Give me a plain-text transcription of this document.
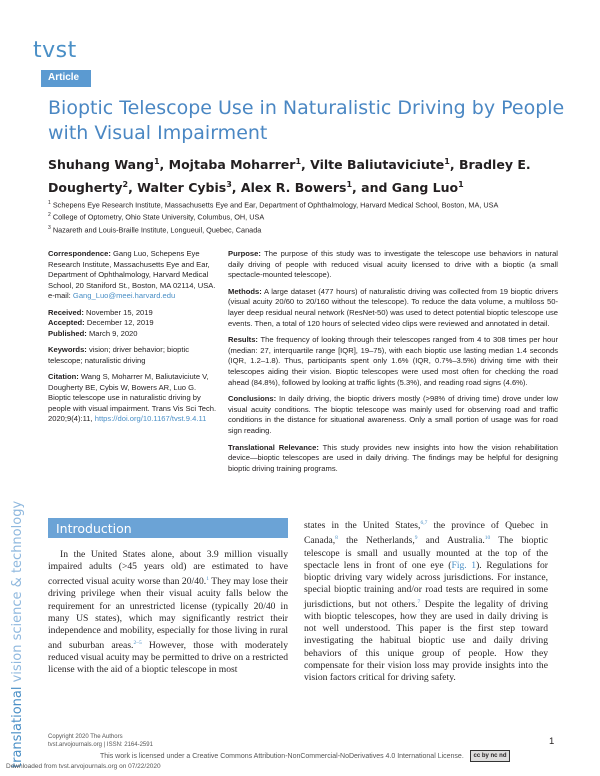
tvst
Article
Bioptic Telescope Use in Naturalistic Driving by People with Visual Impairment
Shuhang Wang$^1$, Mojtaba Moharrer$^1$, Vilte Baliutaviciute$^1$, Bradley E. Dougherty$^2$, Walter Cybis$^3$, Alex R. Bowers$^1$, and Gang Luo$^1$
$^1$ Schepens Eye Research Institute, Massachusetts Eye and Ear, Department of Ophthalmology, Harvard Medical School, Boston, MA, USA
$^2$ College of Optometry, Ohio State University, Columbus, OH, USA
$^3$ Nazareth and Louis-Braille Institute, Longueuil, Quebec, Canada
Correspondence: Gang Luo, Schepens Eye Research Institute, Massachusetts Eye and Ear, Department of Ophthalmology, Harvard Medical School, 20 Staniford St., Boston, MA 02114, USA. e-mail: Gang_Luo@meei.harvard.edu
Received: November 15, 2019
Accepted: December 12, 2019
Published: March 9, 2020
Keywords: vision; driver behavior; bioptic telescope; naturalistic driving
Citation: Wang S, Moharrer M, Baliutaviciute V, Dougherty BE, Cybis W, Bowers AR, Luo G. Bioptic telescope use in naturalistic driving by people with visual impairment. Trans Vis Sci Tech. 2020;9(4):11, https://doi.org/10.1167/tvst.9.4.11

Purpose: The purpose of this study was to investigate the telescope use behaviors in natural daily driving of people with reduced visual acuity licensed to drive with a bioptic (a small spectacle-mounted telescope).

Methods: A large dataset (477 hours) of naturalistic driving was collected from 19 bioptic drivers (visual acuity 20/60 to 20/160 without the telescope). To reduce the data volume, a multiloss 50-layer deep residual neural network (ResNet-50) was used to detect potential bioptic telescope use events. Then, a total of 120 hours of selected video clips were reviewed and annotated in detail.

Results: The frequency of looking through their telescopes ranged from 4 to 308 times per hour (median: 27, interquartile range [IQR], 19–75), with each bioptic use lasting median 1.4 seconds (IQR, 1.2–1.8). Thus, participants spent only 1.6% (IQR, 0.7%–3.5%) driving time with their telescopes aiding their vision. Bioptic telescopes were used most often for checking the road ahead (84.8%), followed by looking at traffic lights (5.3%), and reading road signs (4.6%).

Conclusions: In daily driving, the bioptic drivers mostly (>98% of driving time) drove under low visual acuity conditions. The bioptic telescope was mainly used for observing road and traffic conditions in the distance for situational awareness. Only a small portion of usage was for road sign reading.

Translational Relevance: This study provides new insights into how the vision rehabilitation device—bioptic telescopes are used in daily driving. The findings may be helpful for designing bioptic driving training programs.

translational vision science & technology	Introduction
In the United States alone, about 3.9 million visually impaired adults (>45 years old) are estimated to have corrected visual acuity worse than 20/40.$^1$ They may lose their driving privilege when their visual acuity falls below the requirement for an unrestricted license (typically 20/40 in many US states), which may significantly restrict their independence and mobility, especially for those living in rural and suburban areas.$^{2-5}$ However, those with moderately reduced visual acuity may be permitted to drive on a restricted license with the aid of a bioptic telescope in most
states in the United States,$^{6,7}$ the province of Quebec in Canada,$^8$ the Netherlands,$^9$ and Australia.$^{10}$ The bioptic telescope is small and usually mounted at the top of the spectacle lens in front of one eye (Fig. 1). Regulations for bioptic driving vary widely across jurisdictions. For instance, special bioptic training and/or road tests are required in some jurisdictions, but not others.$^7$ Despite the legality of driving with bioptic telescopes, how they are used in daily driving is not well understood. This paper is the first step toward investigating the habitual bioptic use and daily driving behaviors of this unique group of people. How they compensate for their vision loss may provide insights into the vision factors critical for driving safety.
Copyright 2020 The Authors
tvst.arvojournals.org | ISSN: 2164-2591	1
This work is licensed under a Creative Commons Attribution-NonCommercial-NoDerivatives 4.0 International License.	cc by nc nd
Downloaded from tvst.arvojournals.org on 07/22/2020
